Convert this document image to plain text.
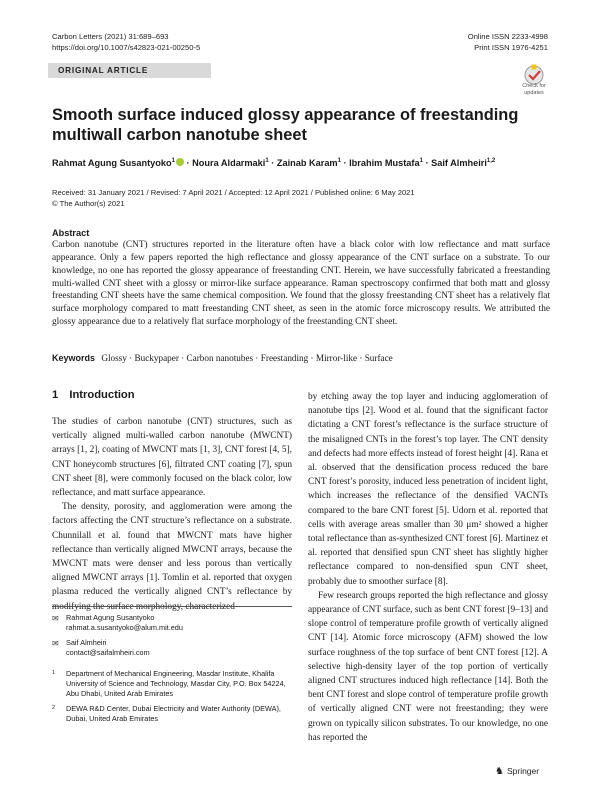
Carbon Letters (2021) 31:689–693
https://doi.org/10.1007/s42823-021-00250-5
Online ISSN 2233-4998
Print ISSN 1976-4251
ORIGINAL ARTICLE
Check for
updates
Smooth surface induced glossy appearance of freestanding multiwall carbon nanotube sheet
Rahmat Agung Susantyoko$^1$ · Noura Aldarmaki$^1$ · Zainab Karam$^1$ · Ibrahim Mustafa$^1$ · Saif Almheiri$^{1,2}$
Received: 31 January 2021 / Revised: 7 April 2021 / Accepted: 12 April 2021 / Published online: 6 May 2021
© The Author(s) 2021
Abstract
Carbon nanotube (CNT) structures reported in the literature often have a black color with low reflectance and matt surface appearance. Only a few papers reported the high reflectance and glossy appearance of the CNT surface on a substrate. To our knowledge, no one has reported the glossy appearance of freestanding CNT. Herein, we have successfully fabricated a freestanding multi-walled CNT sheet with a glossy or mirror-like surface appearance. Raman spectroscopy confirmed that both matt and glossy freestanding CNT sheets have the same chemical composition. We found that the glossy freestanding CNT sheet has a relatively flat surface morphology compared to matt freestanding CNT sheet, as seen in the atomic force microscopy results. We attributed the glossy appearance due to a relatively flat surface morphology of the freestanding CNT sheet.
Keywords Glossy · Buckypaper · Carbon nanotubes · Freestanding · Mirror-like · Surface
1 Introduction

The studies of carbon nanotube (CNT) structures, such as vertically aligned multi-walled carbon nanotube (MWCNT) arrays [1, 2], coating of MWCNT mats [1, 3], CNT forest [4, 5], CNT honeycomb structures [6], filtrated CNT coating [7], spun CNT sheet [8], were commonly focused on the black color, low reflectance, and matt surface appearance.

The density, porosity, and agglomeration were among the factors affecting the CNT structure’s reflectance on a substrate. Chunnilall et al. found that MWCNT mats have higher reflectance than vertically aligned MWCNT arrays, because the MWCNT mats were denser and less porous than vertically aligned MWCNT arrays [1]. Tomlin et al. reported that oxygen plasma reduced the vertically aligned CNT’s reflectance by modifying the surface morphology, characterized

by etching away the top layer and inducing agglomeration of nanotube tips [2]. Wood et al. found that the significant factor dictating a CNT forest’s reflectance is the surface structure of the misaligned CNTs in the forest’s top layer. The CNT density and defects had more effects instead of forest height [4]. Rana et al. observed that the densification process reduced the bare CNT forest’s porosity, induced less penetration of incident light, which increases the reflectance of the densified VACNTs compared to the bare CNT forest [5]. Udorn et al. reported that cells with average areas smaller than 30 μm² showed a higher total reflectance than as-synthesized CNT forest [6]. Martinez et al. reported that densified spun CNT sheet has slightly higher reflectance compared to non-densified spun CNT sheet, probably due to smoother surface [8].

Few research groups reported the high reflectance and glossy appearance of CNT surface, such as bent CNT forest [9–13] and slope control of temperature profile growth of vertically aligned CNT [14]. Atomic force microscopy (AFM) showed the low surface roughness of the top surface of bent CNT forest [12]. A selective high-density layer of the top portion of vertically aligned CNT structures induced high reflectance [14]. Both the bent CNT forest and slope control of temperature profile growth of vertically aligned CNT were not freestanding; they were grown on typically silicon substrates. To our knowledge, no one has reported the

✉ Rahmat Agung Susantyoko
rahmat.a.susantyoko@alum.mit.edu
✉ Saif Almheiri
contact@saifalmheiri.com
1 Department of Mechanical Engineering, Masdar Institute, Khalifa University of Science and Technology, Masdar City, P.O. Box 54224, Abu Dhabi, United Arab Emirates
2 DEWA R&D Center, Dubai Electricity and Water Authority (DEWA), Dubai, United Arab Emirates
♞ Springer
